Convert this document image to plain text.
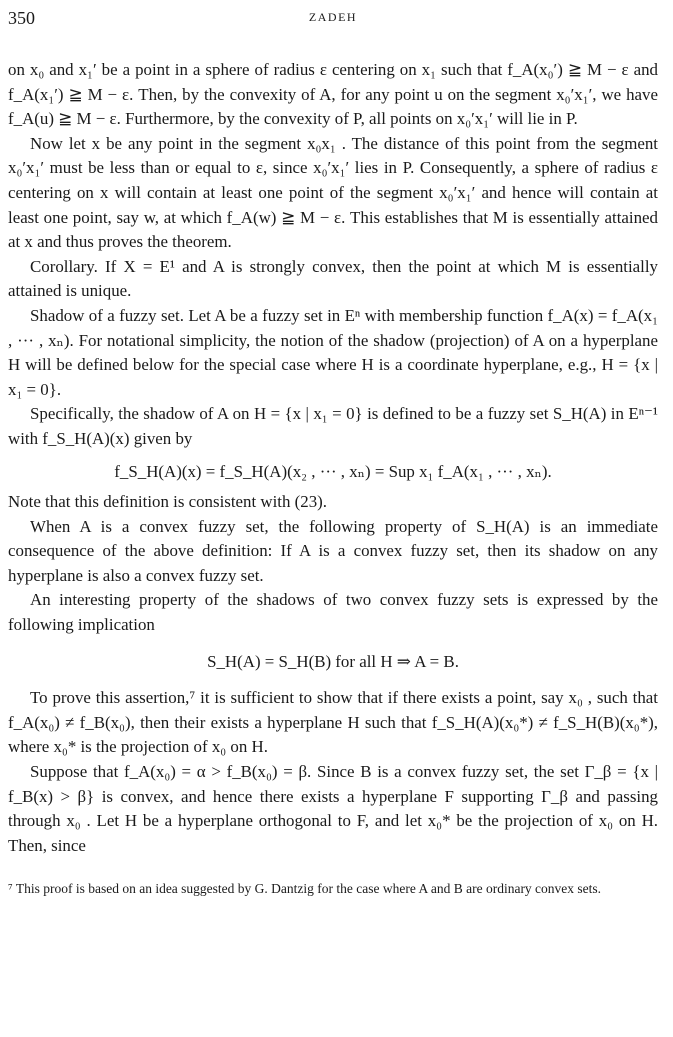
350	ZADEH

on x₀ and x₁′ be a point in a sphere of radius ε centering on x₁ such that f_A(x₀′) ≧ M − ε and f_A(x₁′) ≧ M − ε. Then, by the convexity of A, for any point u on the segment x₀′x₁′, we have f_A(u) ≧ M − ε. Furthermore, by the convexity of P, all points on x₀′x₁′ will lie in P.

Now let x be any point in the segment x₀x₁ . The distance of this point from the segment x₀′x₁′ must be less than or equal to ε, since x₀′x₁′ lies in P. Consequently, a sphere of radius ε centering on x will contain at least one point of the segment x₀′x₁′ and hence will contain at least one point, say w, at which f_A(w) ≧ M − ε. This establishes that M is essentially attained at x and thus proves the theorem.

Corollary. If X = E¹ and A is strongly convex, then the point at which M is essentially attained is unique.

Shadow of a fuzzy set. Let A be a fuzzy set in Eⁿ with membership function f_A(x) = f_A(x₁ , ··· , xₙ). For notational simplicity, the notion of the shadow (projection) of A on a hyperplane H will be defined below for the special case where H is a coordinate hyperplane, e.g., H = {x | x₁ = 0}.

Specifically, the shadow of A on H = {x | x₁ = 0} is defined to be a fuzzy set S_H(A) in Eⁿ⁻¹ with f_S_H(A)(x) given by

f_S_H(A)(x) = f_S_H(A)(x₂ , ··· , xₙ) = Sup x₁ f_A(x₁ , ··· , xₙ).

Note that this definition is consistent with (23).

When A is a convex fuzzy set, the following property of S_H(A) is an immediate consequence of the above definition: If A is a convex fuzzy set, then its shadow on any hyperplane is also a convex fuzzy set.

An interesting property of the shadows of two convex fuzzy sets is expressed by the following implication

S_H(A) = S_H(B) for all H ⇒ A = B.

To prove this assertion,⁷ it is sufficient to show that if there exists a point, say x₀ , such that f_A(x₀) ≠ f_B(x₀), then their exists a hyperplane H such that f_S_H(A)(x₀*) ≠ f_S_H(B)(x₀*), where x₀* is the projection of x₀ on H.

Suppose that f_A(x₀) = α > f_B(x₀) = β. Since B is a convex fuzzy set, the set Γ_β = {x | f_B(x) > β} is convex, and hence there exists a hyperplane F supporting Γ_β and passing through x₀ . Let H be a hyperplane orthogonal to F, and let x₀* be the projection of x₀ on H. Then, since

⁷ This proof is based on an idea suggested by G. Dantzig for the case where A and B are ordinary convex sets.
